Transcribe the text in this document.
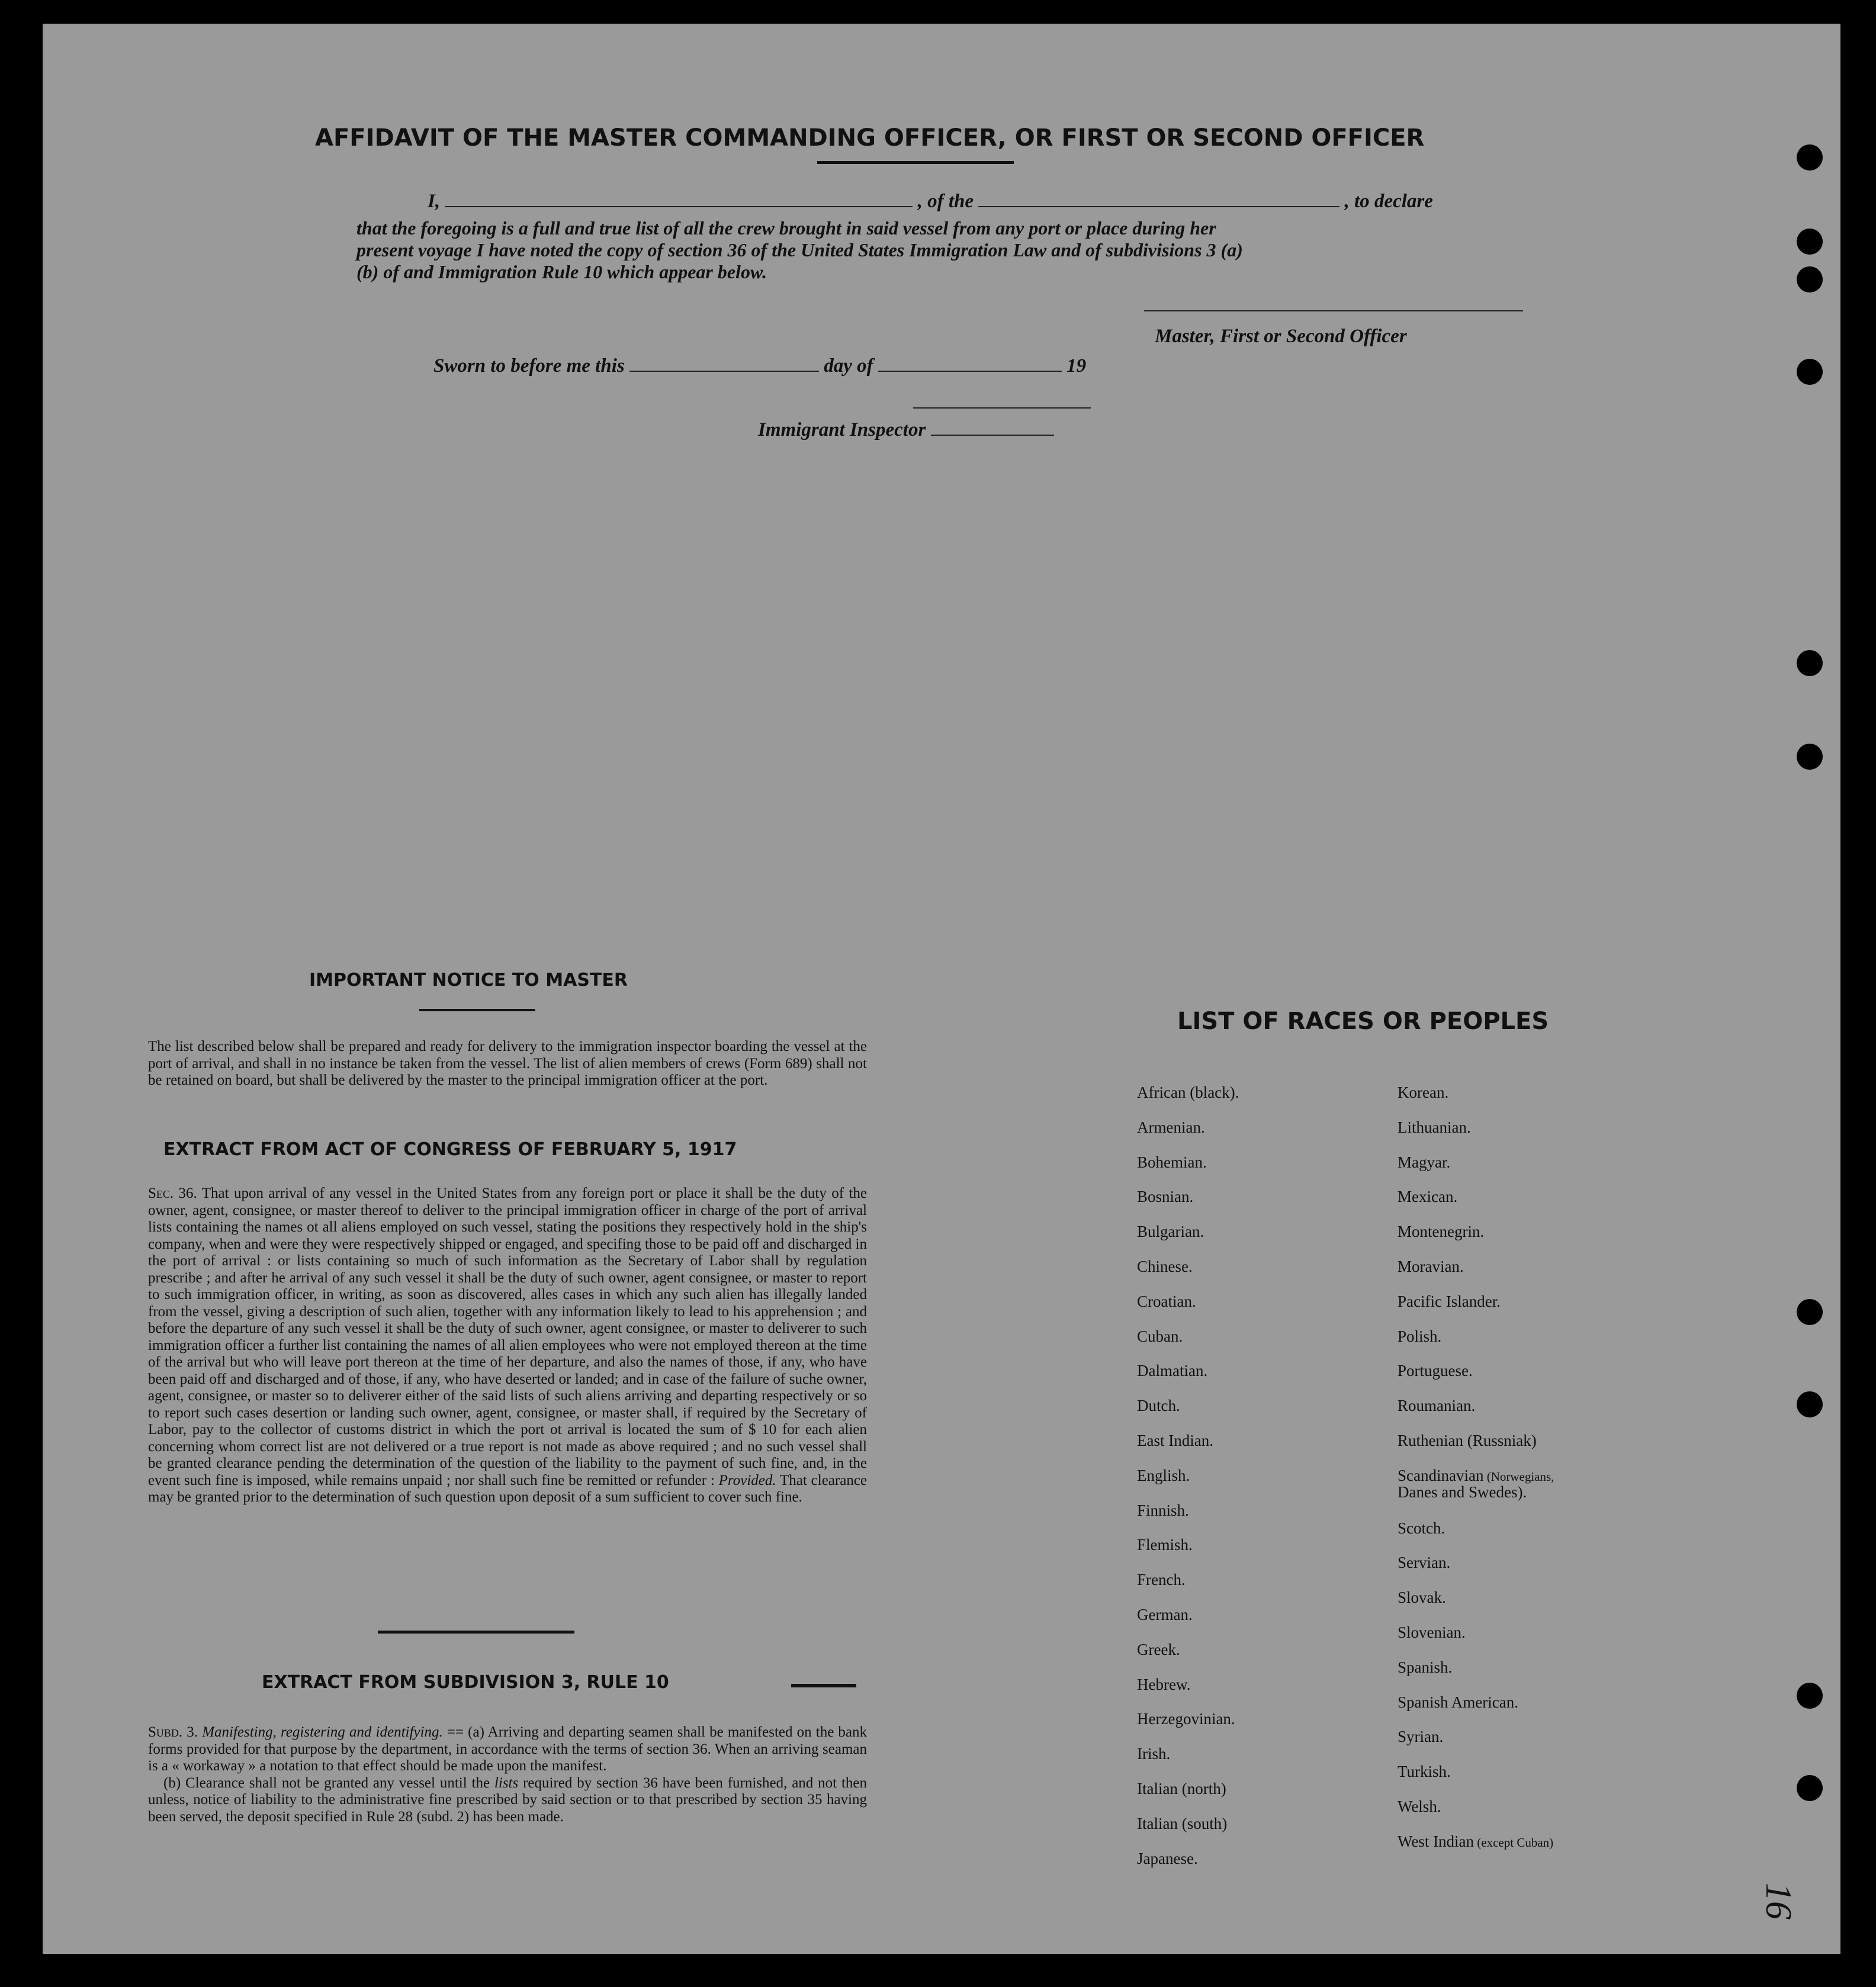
AFFIDAVIT OF THE MASTER COMMANDING OFFICER, OR FIRST OR SECOND OFFICER
I,	, of the	, to declare
that the foregoing is a full and true list of all the crew brought in said vessel from any port or place during her
present voyage I have noted the copy of section 36 of the United States Immigration Law and of subdivisions 3 (a)
(b) of and Immigration Rule 10 which appear below.
Master, First or Second Officer
Sworn to before me this	day of	19
Immigrant Inspector
IMPORTANT NOTICE TO MASTER
The list described below shall be prepared and ready for delivery to the immigration inspector boarding the vessel at the port of arrival, and shall in no instance be taken from the vessel. The list of alien members of crews (Form 689) shall not be retained on board, but shall be delivered by the master to the principal immigration officer at the port.
EXTRACT FROM ACT OF CONGRESS OF FEBRUARY 5, 1917
Sec. 36. That upon arrival of any vessel in the United States from any foreign port or place it shall be the duty of the owner, agent, consignee, or master thereof to deliver to the principal immigration officer in charge of the port of arrival lists containing the names ot all aliens employed on such vessel, stating the positions they respectively hold in the ship's company, when and were they were respectively shipped or engaged, and specifing those to be paid off and discharged in the port of arrival : or lists containing so much of such information as the Secretary of Labor shall by regulation prescribe ; and after he arrival of any such vessel it shall be the duty of such owner, agent consignee, or master to report to such immigration officer, in writing, as soon as discovered, alles cases in which any such alien has illegally landed from the vessel, giving a description of such alien, together with any information likely to lead to his apprehension ; and before the departure of any such vessel it shall be the duty of such owner, agent consignee, or master to deliverer to such immigration officer a further list containing the names of all alien employees who were not employed thereon at the time of the arrival but who will leave port thereon at the time of her departure, and also the names of those, if any, who have been paid off and discharged and of those, if any, who have deserted or landed; and in case of the failure of suche owner, agent, consignee, or master so to deliverer either of the said lists of such aliens arriving and departing respectively or so to report such cases desertion or landing such owner, agent, consignee, or master shall, if required by the Secretary of Labor, pay to the collector of customs district in which the port ot arrival is located the sum of $ 10 for each alien concerning whom correct list are not delivered or a true report is not made as above required ; and no such vessel shall be granted clearance pending the determination of the question of the liability to the payment of such fine, and, in the event such fine is imposed, while remains unpaid ; nor shall such fine be remitted or refunder : Provided. That clearance may be granted prior to the determination of such question upon deposit of a sum sufficient to cover such fine.
EXTRACT FROM SUBDIVISION 3, RULE 10
Subd. 3. Manifesting, registering and identifying. == (a) Arriving and departing seamen shall be manifested on the bank forms provided for that purpose by the department, in accordance with the terms of section 36. When an arriving seaman is a « workaway » a notation to that effect should be made upon the manifest.
(b) Clearance shall not be granted any vessel until the lists required by section 36 have been furnished, and not then unless, notice of liability to the administrative fine prescribed by said section or to that prescribed by section 35 having been served, the deposit specified in Rule 28 (subd. 2) has been made.
LIST OF RACES OR PEOPLES
16
African (black).
Armenian.
Bohemian.
Bosnian.
Bulgarian.
Chinese.
Croatian.
Cuban.
Dalmatian.
Dutch.
East Indian.
English.
Finnish.
Flemish.
French.
German.
Greek.
Hebrew.
Herzegovinian.
Irish.
Italian (north)
Italian (south)
Japanese.
Korean.
Lithuanian.
Magyar.
Mexican.
Montenegrin.
Moravian.
Pacific Islander.
Polish.
Portuguese.
Roumanian.
Ruthenian (Russniak)
Scandinavian (Norwegians,
Danes and Swedes).
Scotch.
Servian.
Slovak.
Slovenian.
Spanish.
Spanish American.
Syrian.
Turkish.
Welsh.
West Indian (except Cuban)
